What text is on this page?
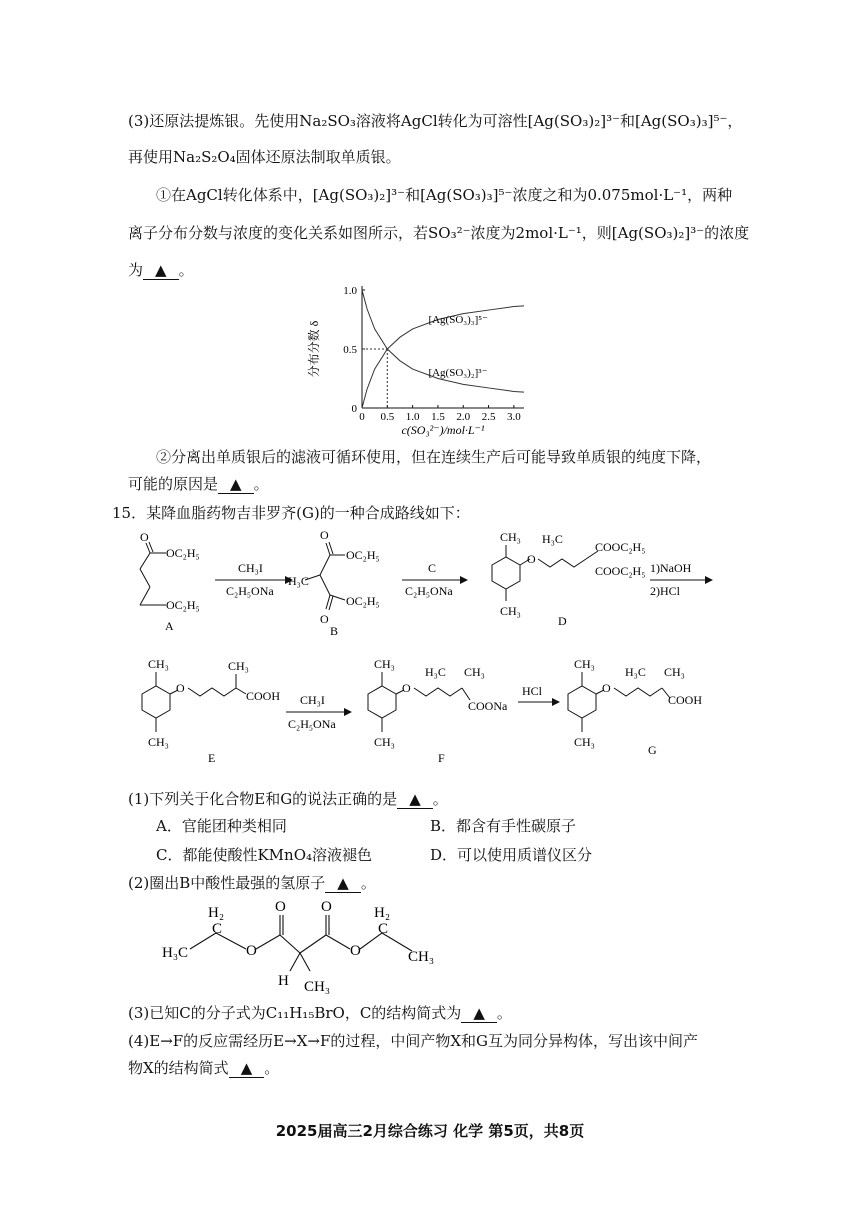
(3)还原法提炼银。先使用Na₂SO₃溶液将AgCl转化为可溶性[Ag(SO₃)₂]³⁻和[Ag(SO₃)₃]⁵⁻，
再使用Na₂S₂O₄固体还原法制取单质银。
①在AgCl转化体系中，[Ag(SO₃)₂]³⁻和[Ag(SO₃)₃]⁵⁻浓度之和为0.075mol·L⁻¹，两种
离子分布分数与浓度的变化关系如图所示，若SO₃²⁻浓度为2mol·L⁻¹，则[Ag(SO₃)₂]³⁻的浓度
为 ▲ 。
0 0.5 1.0 1.5 2.0 2.5 3.0
0
0.5
1.0
[Ag(SO₃)₃]⁵⁻
[Ag(SO₃)₂]³⁻
c(SO₃²⁻)/mol·L⁻¹
分布分数 δ
②分离出单质银后的滤液可循环使用，但在连续生产后可能导致单质银的纯度下降，
可能的原因是 ▲ 。
15．某降血脂药物吉非罗齐(G)的一种合成路线如下：
O
OC₂H₅
OC₂H₅
A
CH₃I
C₂H₅ONa
O
O
H₃C
OC₂H₅
OC₂H₅
B
C
C₂H₅ONa
CH₃
CH₃
O
H₃C
COOC₂H₅
COOC₂H₅
D
1)NaOH
2)HCl
CH₃
CH₃
O
CH₃
COOH
E
CH₃I
C₂H₅ONa
CH₃
CH₃
O
H₃C CH₃
COONa
F
HCl
CH₃
CH₃
O
H₃C CH₃
COOH
G
(1)下列关于化合物E和G的说法正确的是 ▲ 。
A．官能团种类相同	B．都含有手性碳原子
C．都能使酸性KMnO₄溶液褪色	D．可以使用质谱仪区分
(2)圈出B中酸性最强的氢原子 ▲ 。
H₃C
H₂
C
O
O O
O
H CH₃
H₂
C
CH₃
(3)已知C的分子式为C₁₁H₁₅BrO，C的结构简式为 ▲ 。
(4)E→F的反应需经历E→X→F的过程，中间产物X和G互为同分异构体，写出该中间产
物X的结构简式 ▲ 。
2025届高三2月综合练习 化学 第5页，共8页
